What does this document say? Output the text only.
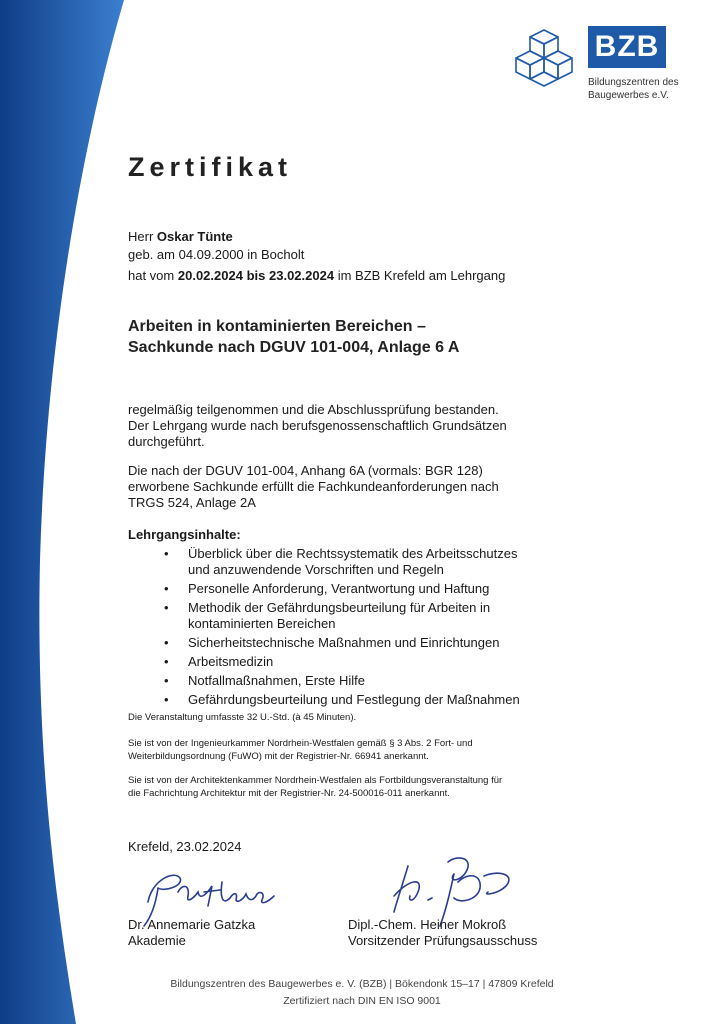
BZB
Bildungszentren des
Baugewerbes e.V.
Zertifikat
Herr Oskar Tünte
geb. am 04.09.2000 in Bocholt
hat vom 20.02.2024 bis 23.02.2024 im BZB Krefeld am Lehrgang
Arbeiten in kontaminierten Bereichen –
Sachkunde nach DGUV 101-004, Anlage 6 A
regelmäßig teilgenommen und die Abschlussprüfung bestanden.
Der Lehrgang wurde nach berufsgenossenschaftlich Grundsätzen
durchgeführt.
Die nach der DGUV 101-004, Anhang 6A (vormals: BGR 128)
erworbene Sachkunde erfüllt die Fachkundeanforderungen nach
TRGS 524, Anlage 2A
Lehrgangsinhalte:
• Überblick über die Rechtssystematik des Arbeitsschutzes
und anzuwendende Vorschriften und Regeln
• Personelle Anforderung, Verantwortung und Haftung
• Methodik der Gefährdungsbeurteilung für Arbeiten in
kontaminierten Bereichen
• Sicherheitstechnische Maßnahmen und Einrichtungen
• Arbeitsmedizin
• Notfallmaßnahmen, Erste Hilfe
• Gefährdungsbeurteilung und Festlegung der Maßnahmen
Die Veranstaltung umfasste 32 U.-Std. (à 45 Minuten).
Sie ist von der Ingenieurkammer Nordrhein-Westfalen gemäß § 3 Abs. 2 Fort- und
Weiterbildungsordnung (FuWO) mit der Registrier-Nr. 66941 anerkannt.
Sie ist von der Architektenkammer Nordrhein-Westfalen als Fortbildungsveranstaltung für
die Fachrichtung Architektur mit der Registrier-Nr. 24-500016-011 anerkannt.
Krefeld, 23.02.2024
Dr. Annemarie Gatzka
Akademie
Dipl.-Chem. Heiner Mokroß
Vorsitzender Prüfungsausschuss
Bildungszentren des Baugewerbes e. V. (BZB) | Bökendonk 15–17 | 47809 Krefeld
Zertifiziert nach DIN EN ISO 9001
